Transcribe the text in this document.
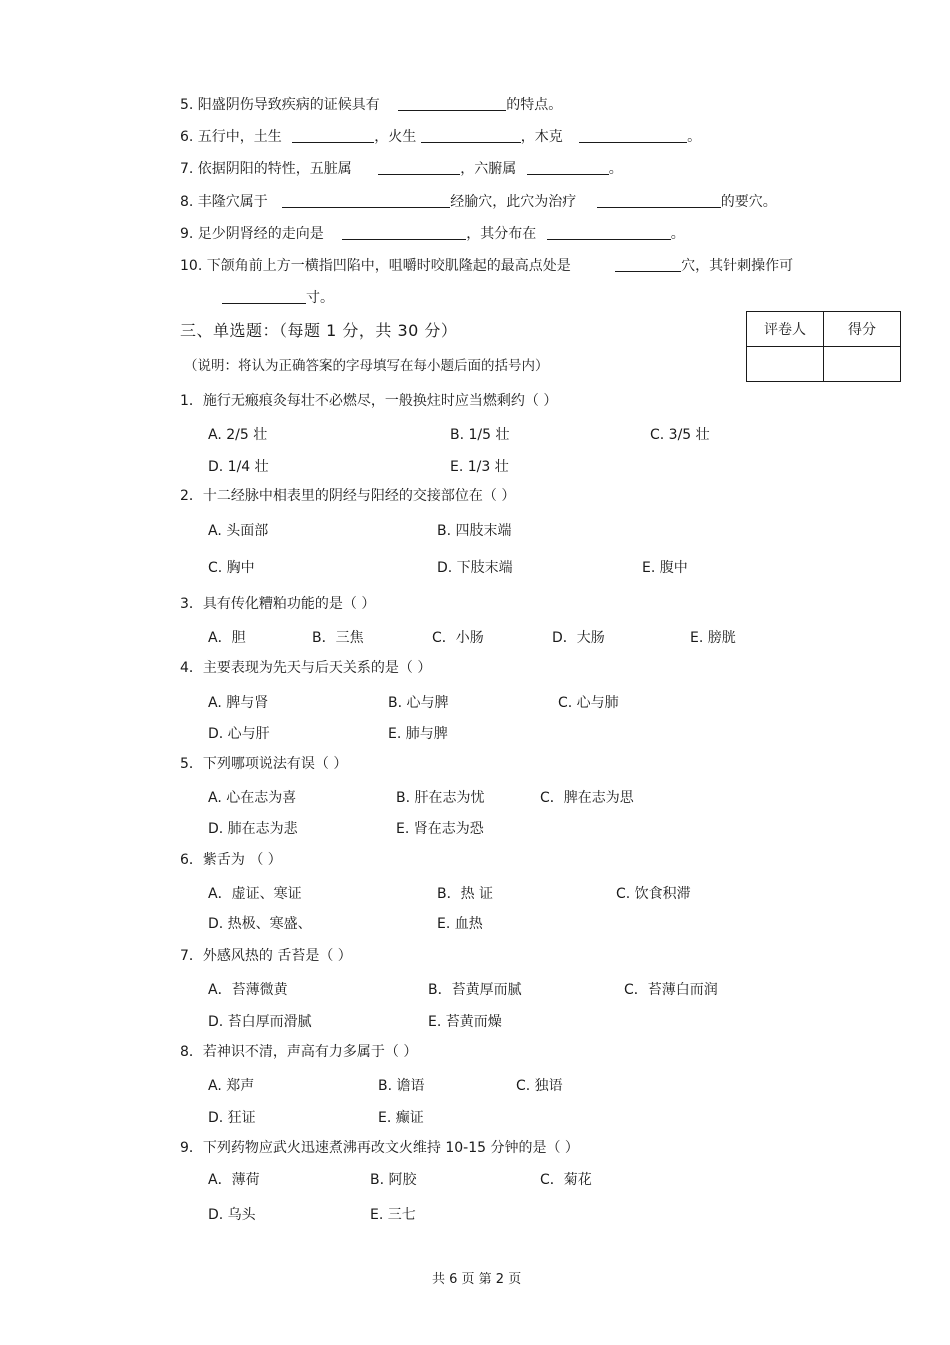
5. 阳盛阴伤导致疾病的证候具有	的特点。
6. 五行中，土生	，火生	，木克	。
7. 依据阴阳的特性，五脏属	，六腑属	。
8. 丰隆穴属于	经腧穴，此穴为治疗	的要穴。
9. 足少阴肾经的走向是	，其分布在	。
10. 下颌角前上方一横指凹陷中，咀嚼时咬肌隆起的最高点处是	穴，其针刺操作可
寸。
三、单选题：（每题 1 分，共 30 分）
（说明：将认为正确答案的字母填写在每小题后面的括号内）
评卷人	得分

1．施行无瘢痕灸每壮不必燃尽，一般换炷时应当燃剩约（ ）
A. 2/5 壮	B. 1/5 壮	C. 3/5 壮
D. 1/4 壮	E. 1/3 壮
2．十二经脉中相表里的阴经与阳经的交接部位在（ ）
A. 头面部	B. 四肢末端
C. 胸中	D. 下肢末端	E. 腹中
3．具有传化糟粕功能的是（ ）
A．胆	B．三焦	C．小肠	D．大肠	E. 膀胱
4．主要表现为先天与后天关系的是（ ）
A. 脾与肾	B. 心与脾	C. 心与肺
D. 心与肝	E. 肺与脾
5．下列哪项说法有误（ ）
A. 心在志为喜	B. 肝在志为忧	C．脾在志为思
D. 肺在志为悲	E. 肾在志为恐
6．紫舌为 （ ）
A．虚证、寒证	B．热 证	C. 饮食积滞
D. 热极、寒盛、	E. 血热
7．外感风热的 舌苔是（ ）
A．苔薄微黄	B．苔黄厚而腻	C．苔薄白而润
D. 苔白厚而滑腻	E. 苔黄而燥
8．若神识不清，声高有力多属于（ ）
A. 郑声	B. 谵语	C. 独语
D. 狂证	E. 癫证
9．下列药物应武火迅速煮沸再改文火维持 10-15 分钟的是（ ）
A．薄荷	B. 阿胶	C．菊花
D. 乌头	E. 三七
共 6 页 第 2 页
